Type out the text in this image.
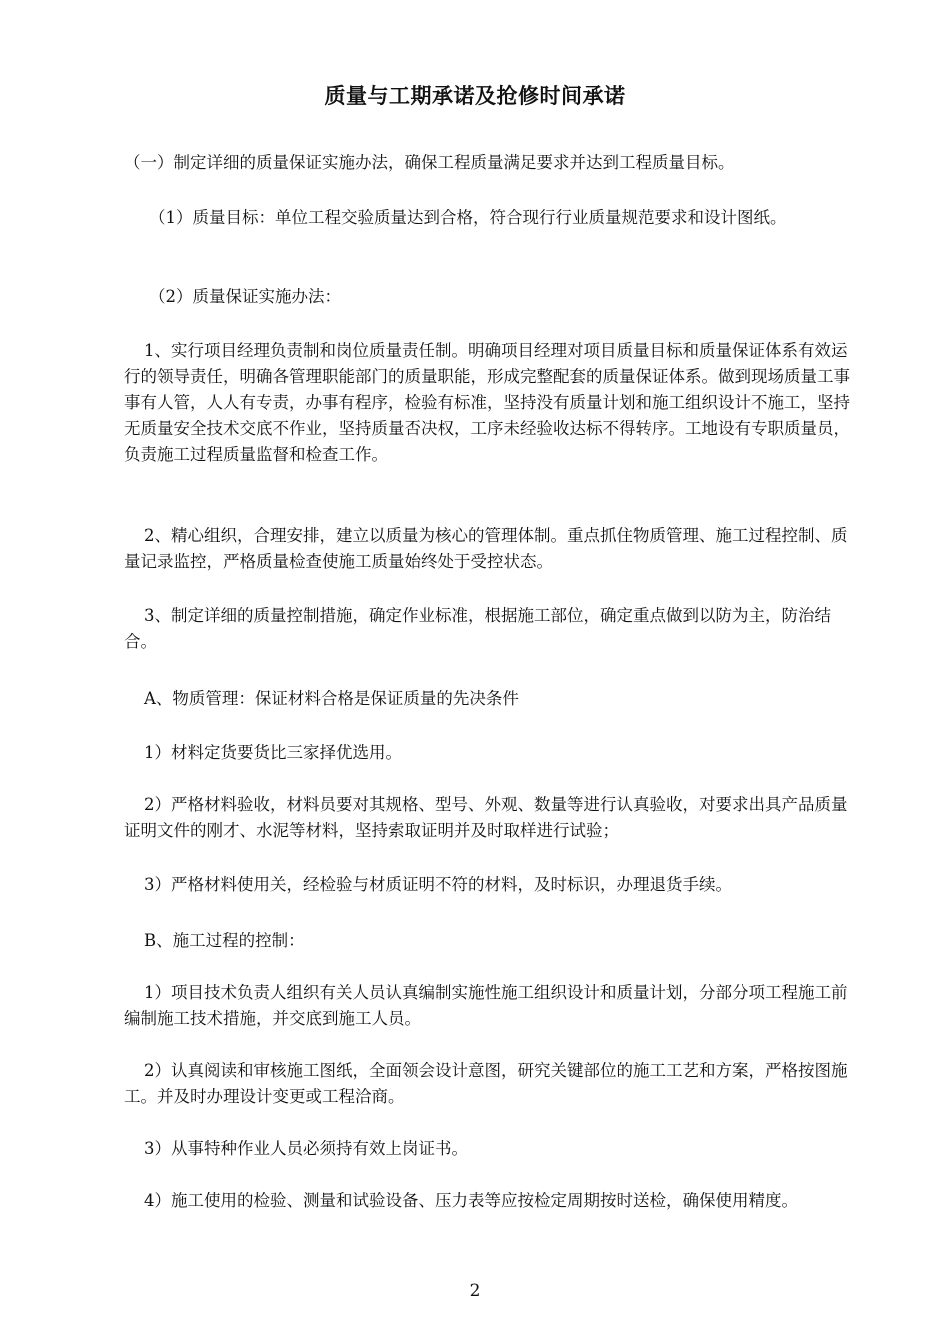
质量与工期承诺及抢修时间承诺

（一）制定详细的质量保证实施办法，确保工程质量满足要求并达到工程质量目标。

（1）质量目标：单位工程交验质量达到合格，符合现行行业质量规范要求和设计图纸。

（2）质量保证实施办法：

1、实行项目经理负责制和岗位质量责任制。明确项目经理对项目质量目标和质量保证体系有效运行的领导责任，明确各管理职能部门的质量职能，形成完整配套的质量保证体系。做到现场质量工事事有人管，人人有专责，办事有程序，检验有标准，坚持没有质量计划和施工组织设计不施工，坚持无质量安全技术交底不作业，坚持质量否决权，工序未经验收达标不得转序。工地设有专职质量员，负责施工过程质量监督和检查工作。

2、精心组织，合理安排，建立以质量为核心的管理体制。重点抓住物质管理、施工过程控制、质量记录监控，严格质量检查使施工质量始终处于受控状态。

3、制定详细的质量控制措施，确定作业标准，根据施工部位，确定重点做到以防为主，防治结合。

A、物质管理：保证材料合格是保证质量的先决条件

1）材料定货要货比三家择优选用。

2）严格材料验收，材料员要对其规格、型号、外观、数量等进行认真验收，对要求出具产品质量证明文件的刚才、水泥等材料，坚持索取证明并及时取样进行试验；

3）严格材料使用关，经检验与材质证明不符的材料，及时标识，办理退货手续。

B、施工过程的控制：

1）项目技术负责人组织有关人员认真编制实施性施工组织设计和质量计划，分部分项工程施工前编制施工技术措施，并交底到施工人员。

2）认真阅读和审核施工图纸，全面领会设计意图，研究关键部位的施工工艺和方案，严格按图施工。并及时办理设计变更或工程洽商。

3）从事特种作业人员必须持有效上岗证书。

4）施工使用的检验、测量和试验设备、压力表等应按检定周期按时送检，确保使用精度。

2
